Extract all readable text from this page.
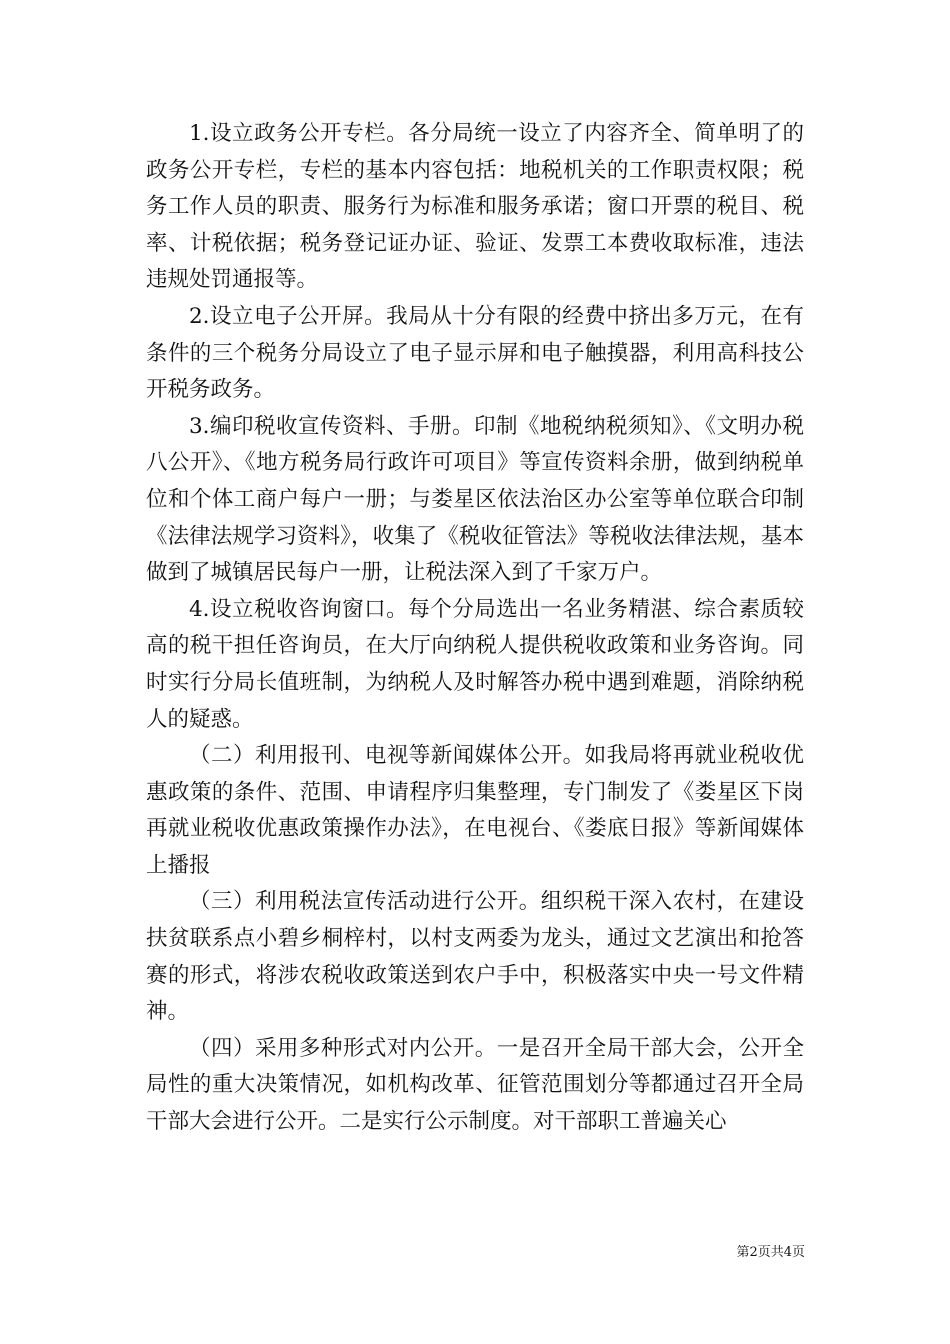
1.设立政务公开专栏。各分局统一设立了内容齐全、简单明了的政务公开专栏，专栏的基本内容包括：地税机关的工作职责权限；税务工作人员的职责、服务行为标准和服务承诺；窗口开票的税目、税率、计税依据；税务登记证办证、验证、发票工本费收取标准，违法违规处罚通报等。

2.设立电子公开屏。我局从十分有限的经费中挤出多万元，在有条件的三个税务分局设立了电子显示屏和电子触摸器，利用高科技公开税务政务。

3.编印税收宣传资料、手册。印制《地税纳税须知》、《文明办税八公开》、《地方税务局行政许可项目》等宣传资料余册，做到纳税单位和个体工商户每户一册；与娄星区依法治区办公室等单位联合印制《法律法规学习资料》，收集了《税收征管法》等税收法律法规，基本做到了城镇居民每户一册，让税法深入到了千家万户。

4.设立税收咨询窗口。每个分局选出一名业务精湛、综合素质较高的税干担任咨询员，在大厅向纳税人提供税收政策和业务咨询。同时实行分局长值班制，为纳税人及时解答办税中遇到难题，消除纳税人的疑惑。

（二）利用报刊、电视等新闻媒体公开。如我局将再就业税收优惠政策的条件、范围、申请程序归集整理，专门制发了《娄星区下岗再就业税收优惠政策操作办法》，在电视台、《娄底日报》等新闻媒体上播报

（三）利用税法宣传活动进行公开。组织税干深入农村，在建设扶贫联系点小碧乡桐梓村，以村支两委为龙头，通过文艺演出和抢答赛的形式，将涉农税收政策送到农户手中，积极落实中央一号文件精神。

（四）采用多种形式对内公开。一是召开全局干部大会，公开全局性的重大决策情况，如机构改革、征管范围划分等都通过召开全局干部大会进行公开。二是实行公示制度。对干部职工普遍关心

第2页共4页
